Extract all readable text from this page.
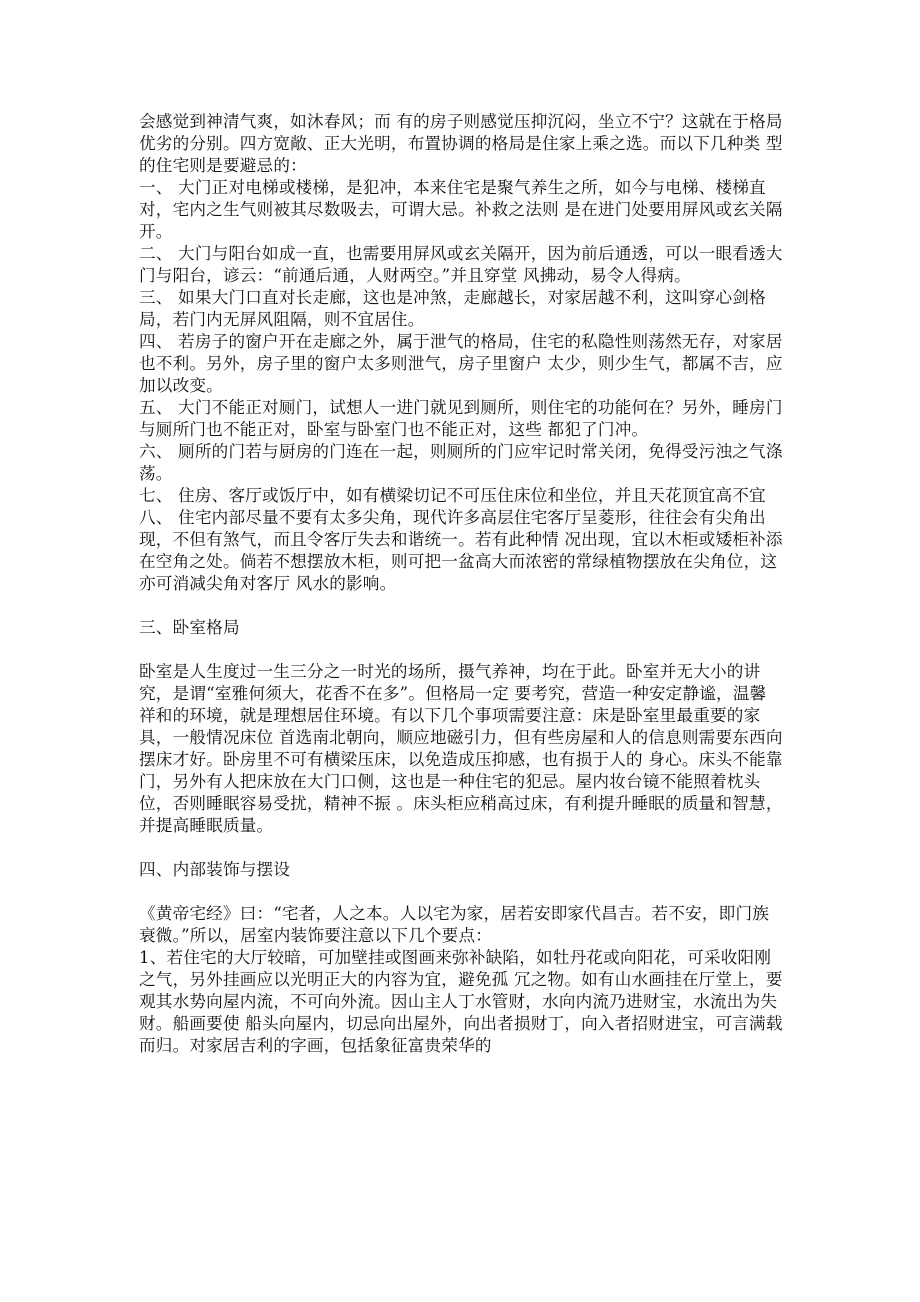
会感觉到神清气爽，如沐春风；而 有的房子则感觉压抑沉闷，坐立不宁？这就在于格局优劣的分别。四方宽敞、正大光明，布置协调的格局是住家上乘之选。而以下几种类 型的住宅则是要避忌的：

一、 大门正对电梯或楼梯，是犯冲，本来住宅是聚气养生之所，如今与电梯、楼梯直对，宅内之生气则被其尽数吸去，可谓大忌。补救之法则 是在进门处要用屏风或玄关隔开。

二、 大门与阳台如成一直，也需要用屏风或玄关隔开，因为前后通透，可以一眼看透大门与阳台，谚云：“前通后通，人财两空。”并且穿堂 风拂动，易令人得病。

三、 如果大门口直对长走廊，这也是冲煞，走廊越长，对家居越不利，这叫穿心剑格局，若门内无屏风阻隔，则不宜居住。

四、 若房子的窗户开在走廊之外，属于泄气的格局，住宅的私隐性则荡然无存，对家居也不利。另外，房子里的窗户太多则泄气，房子里窗户 太少，则少生气，都属不吉，应加以改变。

五、 大门不能正对厕门，试想人一进门就见到厕所，则住宅的功能何在？另外，睡房门与厕所门也不能正对，卧室与卧室门也不能正对，这些 都犯了门冲。

六、 厕所的门若与厨房的门连在一起，则厕所的门应牢记时常关闭，免得受污浊之气涤荡。

七、 住房、客厅或饭厅中，如有横梁切记不可压住床位和坐位，并且天花顶宜高不宜八、 住宅内部尽量不要有太多尖角，现代许多高层住宅客厅呈菱形，往往会有尖角出现，不但有煞气，而且令客厅失去和谐统一。若有此种情 况出现，宜以木柜或矮柜补添在空角之处。倘若不想摆放木柜，则可把一盆高大而浓密的常绿植物摆放在尖角位，这亦可消减尖角对客厅 风水的影响。

三、卧室格局

卧室是人生度过一生三分之一时光的场所，摄气养神，均在于此。卧室并无大小的讲究，是谓“室雅何须大，花香不在多”。但格局一定 要考究，营造一种安定静谧，温馨祥和的环境，就是理想居住环境。有以下几个事项需要注意：床是卧室里最重要的家具，一般情况床位 首选南北朝向，顺应地磁引力，但有些房屋和人的信息则需要东西向摆床才好。卧房里不可有横梁压床，以免造成压抑感，也有损于人的 身心。床头不能靠门，另外有人把床放在大门口侧，这也是一种住宅的犯忌。屋内妆台镜不能照着枕头位，否则睡眠容易受扰，精神不振 。床头柜应稍高过床，有利提升睡眠的质量和智慧，并提高睡眠质量。

四、内部装饰与摆设

《黄帝宅经》曰：“宅者，人之本。人以宅为家，居若安即家代昌吉。若不安，即门族衰微。”所以，居室内装饰要注意以下几个要点：

1、若住宅的大厅较暗，可加壁挂或图画来弥补缺陷，如牡丹花或向阳花，可采收阳刚之气，另外挂画应以光明正大的内容为宜，避免孤 冗之物。如有山水画挂在厅堂上，要观其水势向屋内流，不可向外流。因山主人丁水管财，水向内流乃进财宝，水流出为失财。船画要使 船头向屋内，切忌向出屋外，向出者损财丁，向入者招财进宝，可言满载而归。对家居吉利的字画，包括象征富贵荣华的
